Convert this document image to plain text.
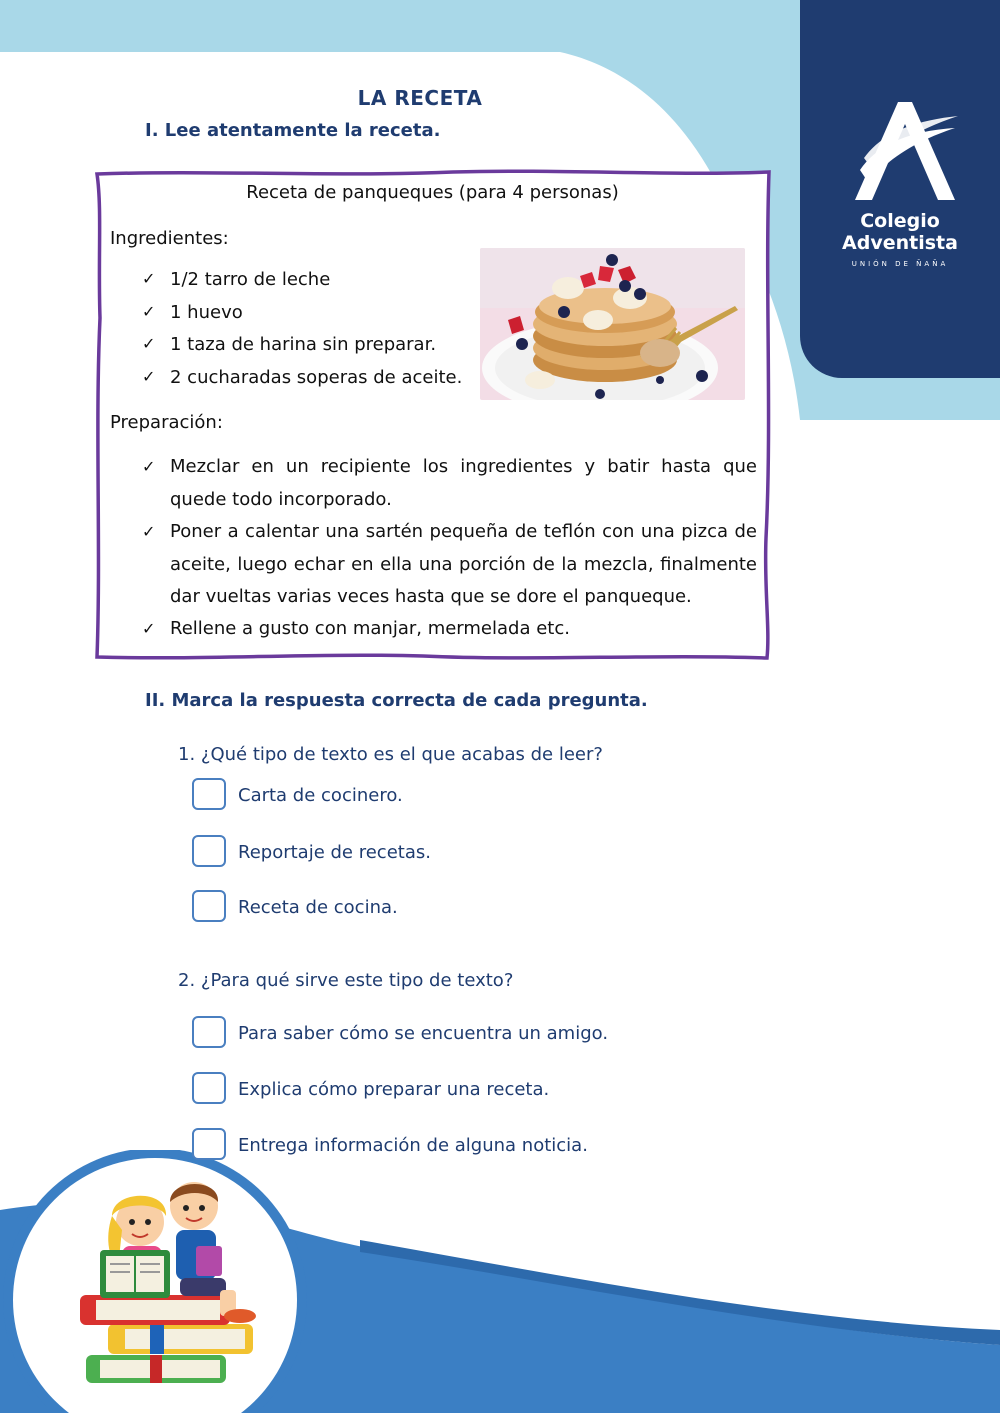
Colegio
Adventista
UNIÓN DE ÑAÑA
LA RECETA
I. Lee atentamente la receta.
Receta de panqueques (para 4 personas)
Ingredientes:
✓ 1/2 tarro de leche
✓ 1 huevo
✓ 1 taza de harina sin preparar.
✓ 2 cucharadas soperas de aceite.
Preparación:
✓ Mezclar en un recipiente los ingredientes y batir hasta que quede todo incorporado.
✓ Poner a calentar una sartén pequeña de teflón con una pizca de aceite, luego echar en ella una porción de la mezcla, finalmente dar vueltas varias veces hasta que se dore el panqueque.
✓ Rellene a gusto con manjar, mermelada etc.
II. Marca la respuesta correcta de cada pregunta.
1. ¿Qué tipo de texto es el que acabas de leer?
Carta de cocinero.
Reportaje de recetas.
Receta de cocina.
2. ¿Para qué sirve este tipo de texto?
Para saber cómo se encuentra un amigo.
Explica cómo preparar una receta.
Entrega información de alguna noticia.
